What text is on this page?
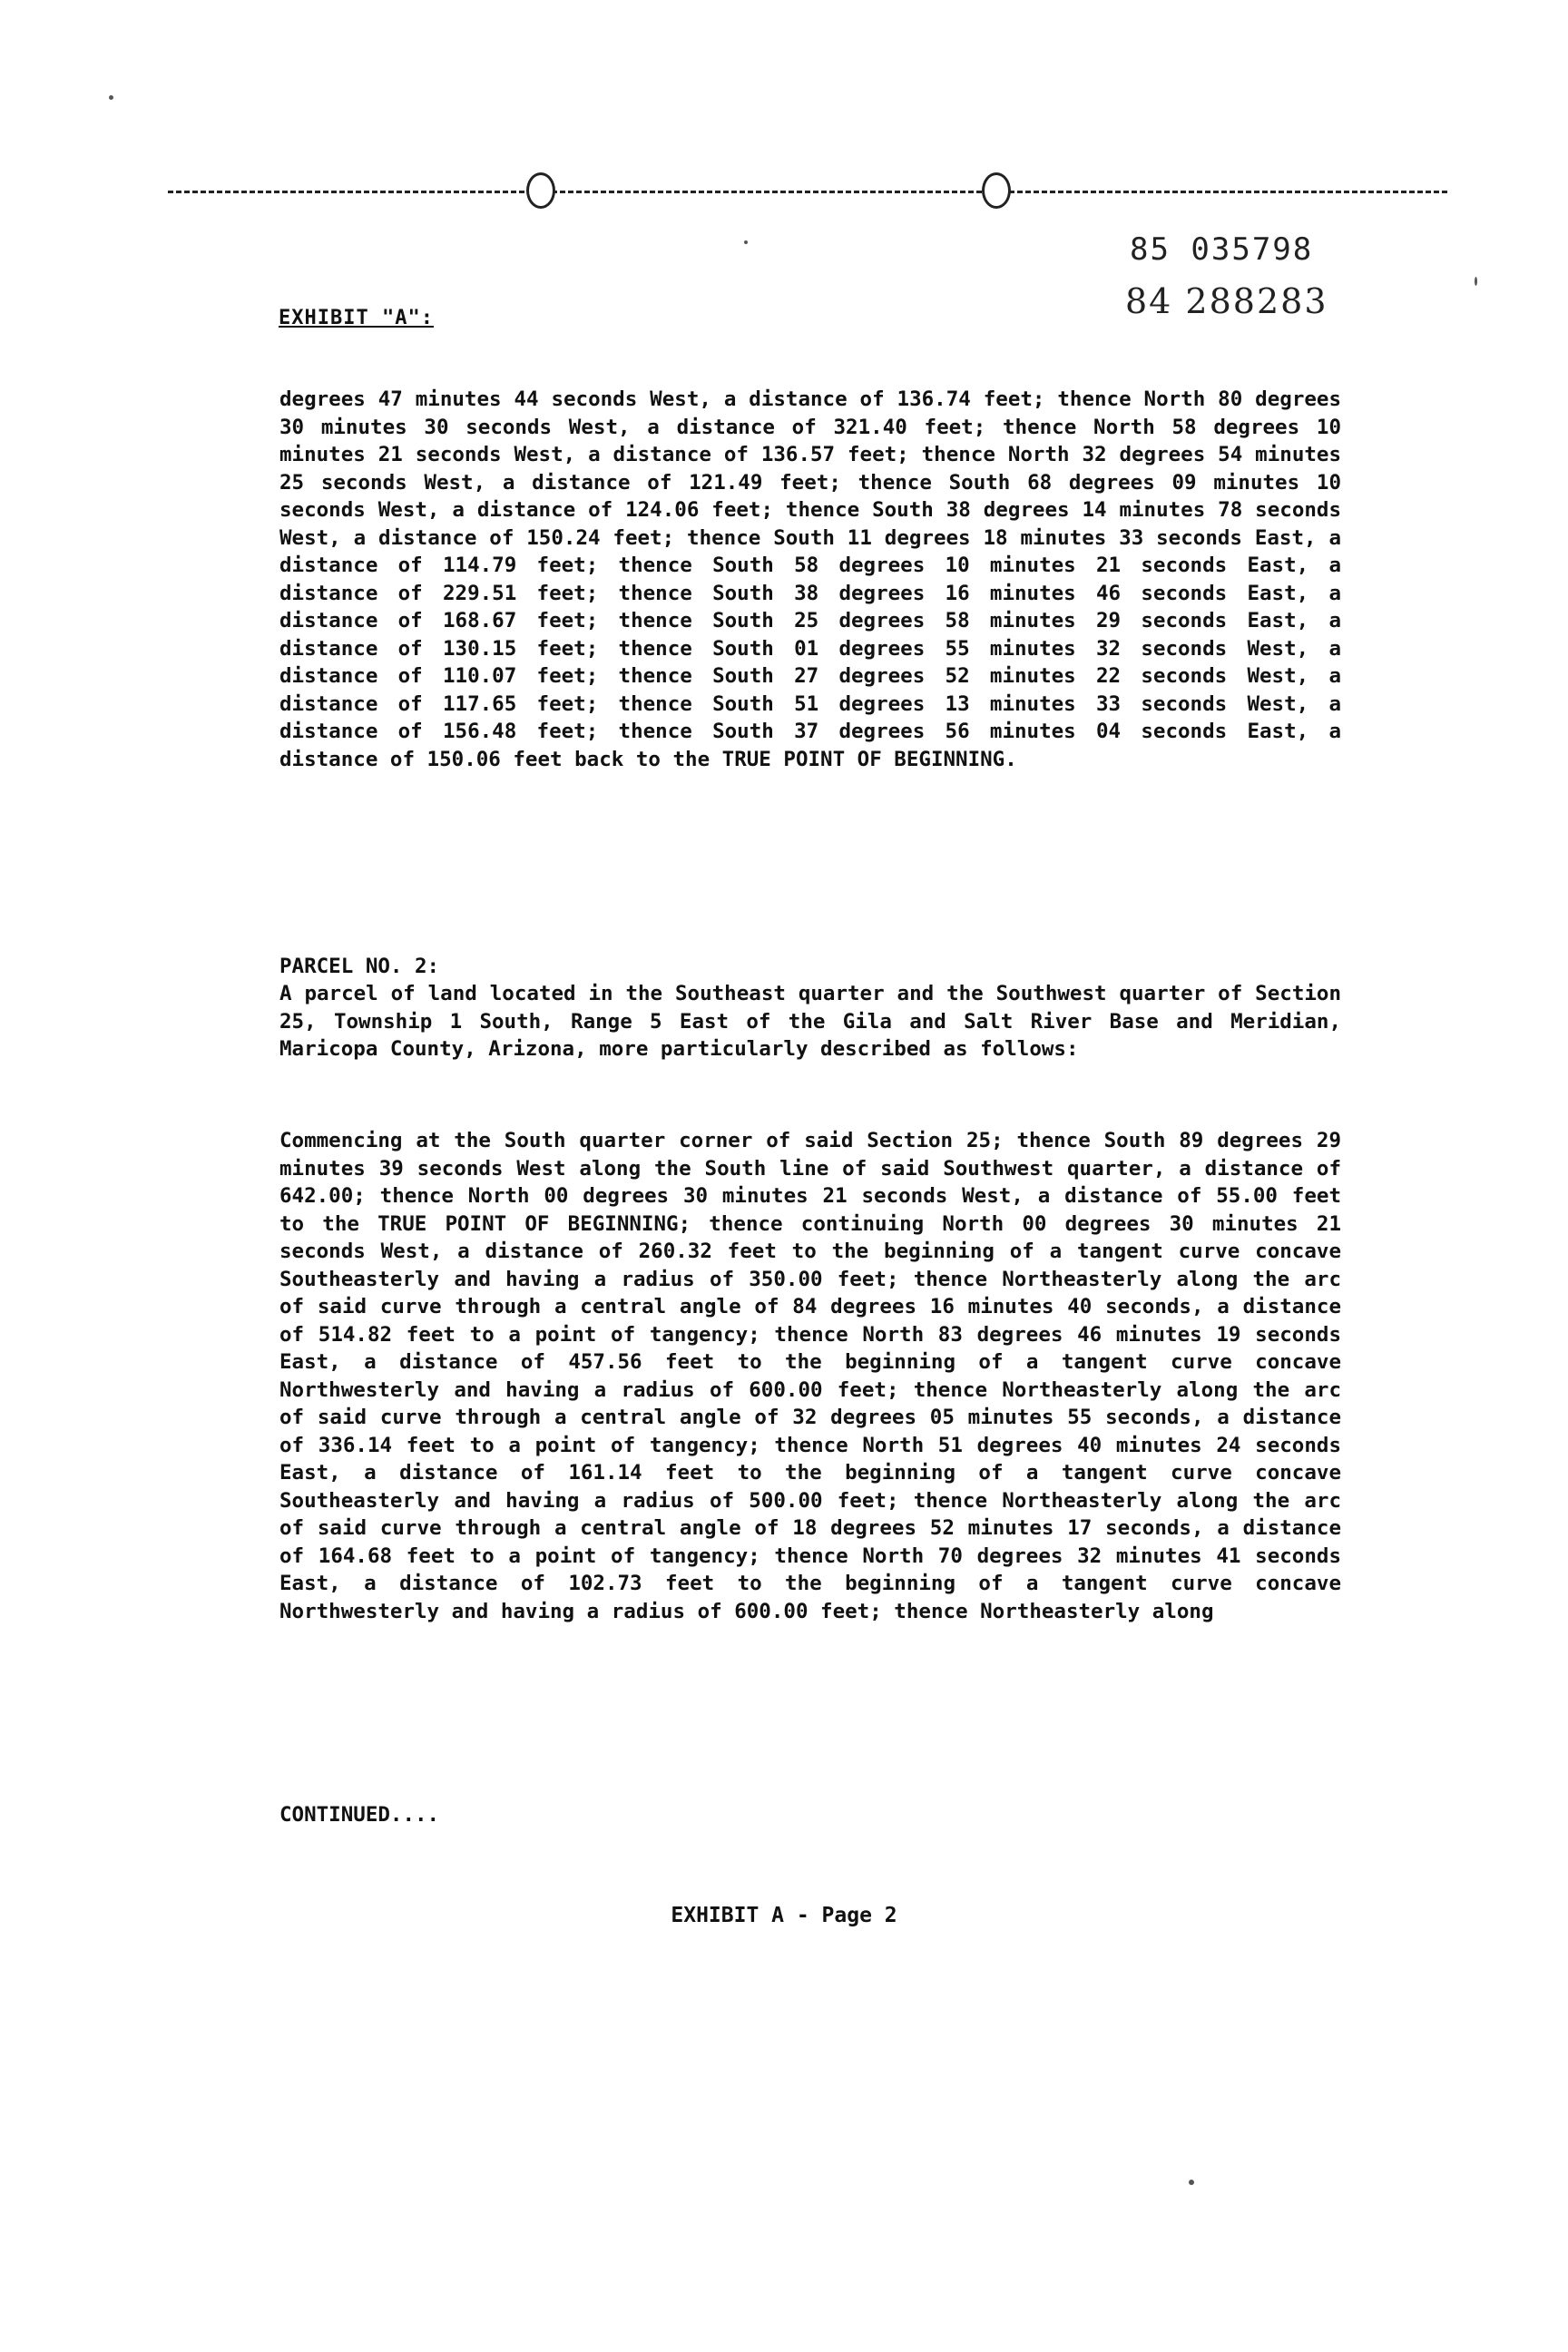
85 035798
84 288283
EXHIBIT "A":

degrees 47 minutes 44 seconds West, a distance of 136.74 feet; thence North 80 degrees 30 minutes 30 seconds West, a distance of 321.40 feet; thence North 58 degrees 10 minutes 21 seconds West, a distance of 136.57 feet; thence North 32 degrees 54 minutes 25 seconds West, a distance of 121.49 feet; thence South 68 degrees 09 minutes 10 seconds West, a distance of 124.06 feet; thence South 38 degrees 14 minutes 78 seconds West, a distance of 150.24 feet; thence South 11 degrees 18 minutes 33 seconds East, a distance of 114.79 feet; thence South 58 degrees 10 minutes 21 seconds East, a distance of 229.51 feet; thence South 38 degrees 16 minutes 46 seconds East, a distance of 168.67 feet; thence South 25 degrees 58 minutes 29 seconds East, a distance of 130.15 feet; thence South 01 degrees 55 minutes 32 seconds West, a distance of 110.07 feet; thence South 27 degrees 52 minutes 22 seconds West, a distance of 117.65 feet; thence South 51 degrees 13 minutes 33 seconds West, a distance of 156.48 feet; thence South 37 degrees 56 minutes 04 seconds East, a distance of 150.06 feet back to the TRUE POINT OF BEGINNING.

PARCEL NO. 2:

A parcel of land located in the Southeast quarter and the Southwest quarter of Section 25, Township 1 South, Range 5 East of the Gila and Salt River Base and Meridian, Maricopa County, Arizona, more particularly described as follows:

Commencing at the South quarter corner of said Section 25; thence South 89 degrees 29 minutes 39 seconds West along the South line of said Southwest quarter, a distance of 642.00; thence North 00 degrees 30 minutes 21 seconds West, a distance of 55.00 feet to the TRUE POINT OF BEGINNING; thence continuing North 00 degrees 30 minutes 21 seconds West, a distance of 260.32 feet to the beginning of a tangent curve concave Southeasterly and having a radius of 350.00 feet; thence Northeasterly along the arc of said curve through a central angle of 84 degrees 16 minutes 40 seconds, a distance of 514.82 feet to a point of tangency; thence North 83 degrees 46 minutes 19 seconds East, a distance of 457.56 feet to the beginning of a tangent curve concave Northwesterly and having a radius of 600.00 feet; thence Northeasterly along the arc of said curve through a central angle of 32 degrees 05 minutes 55 seconds, a distance of 336.14 feet to a point of tangency; thence North 51 degrees 40 minutes 24 seconds East, a distance of 161.14 feet to the beginning of a tangent curve concave Southeasterly and having a radius of 500.00 feet; thence Northeasterly along the arc of said curve through a central angle of 18 degrees 52 minutes 17 seconds, a distance of 164.68 feet to a point of tangency; thence North 70 degrees 32 minutes 41 seconds East, a distance of 102.73 feet to the beginning of a tangent curve concave Northwesterly and having a radius of 600.00 feet; thence Northeasterly along

CONTINUED....

EXHIBIT A - Page 2
